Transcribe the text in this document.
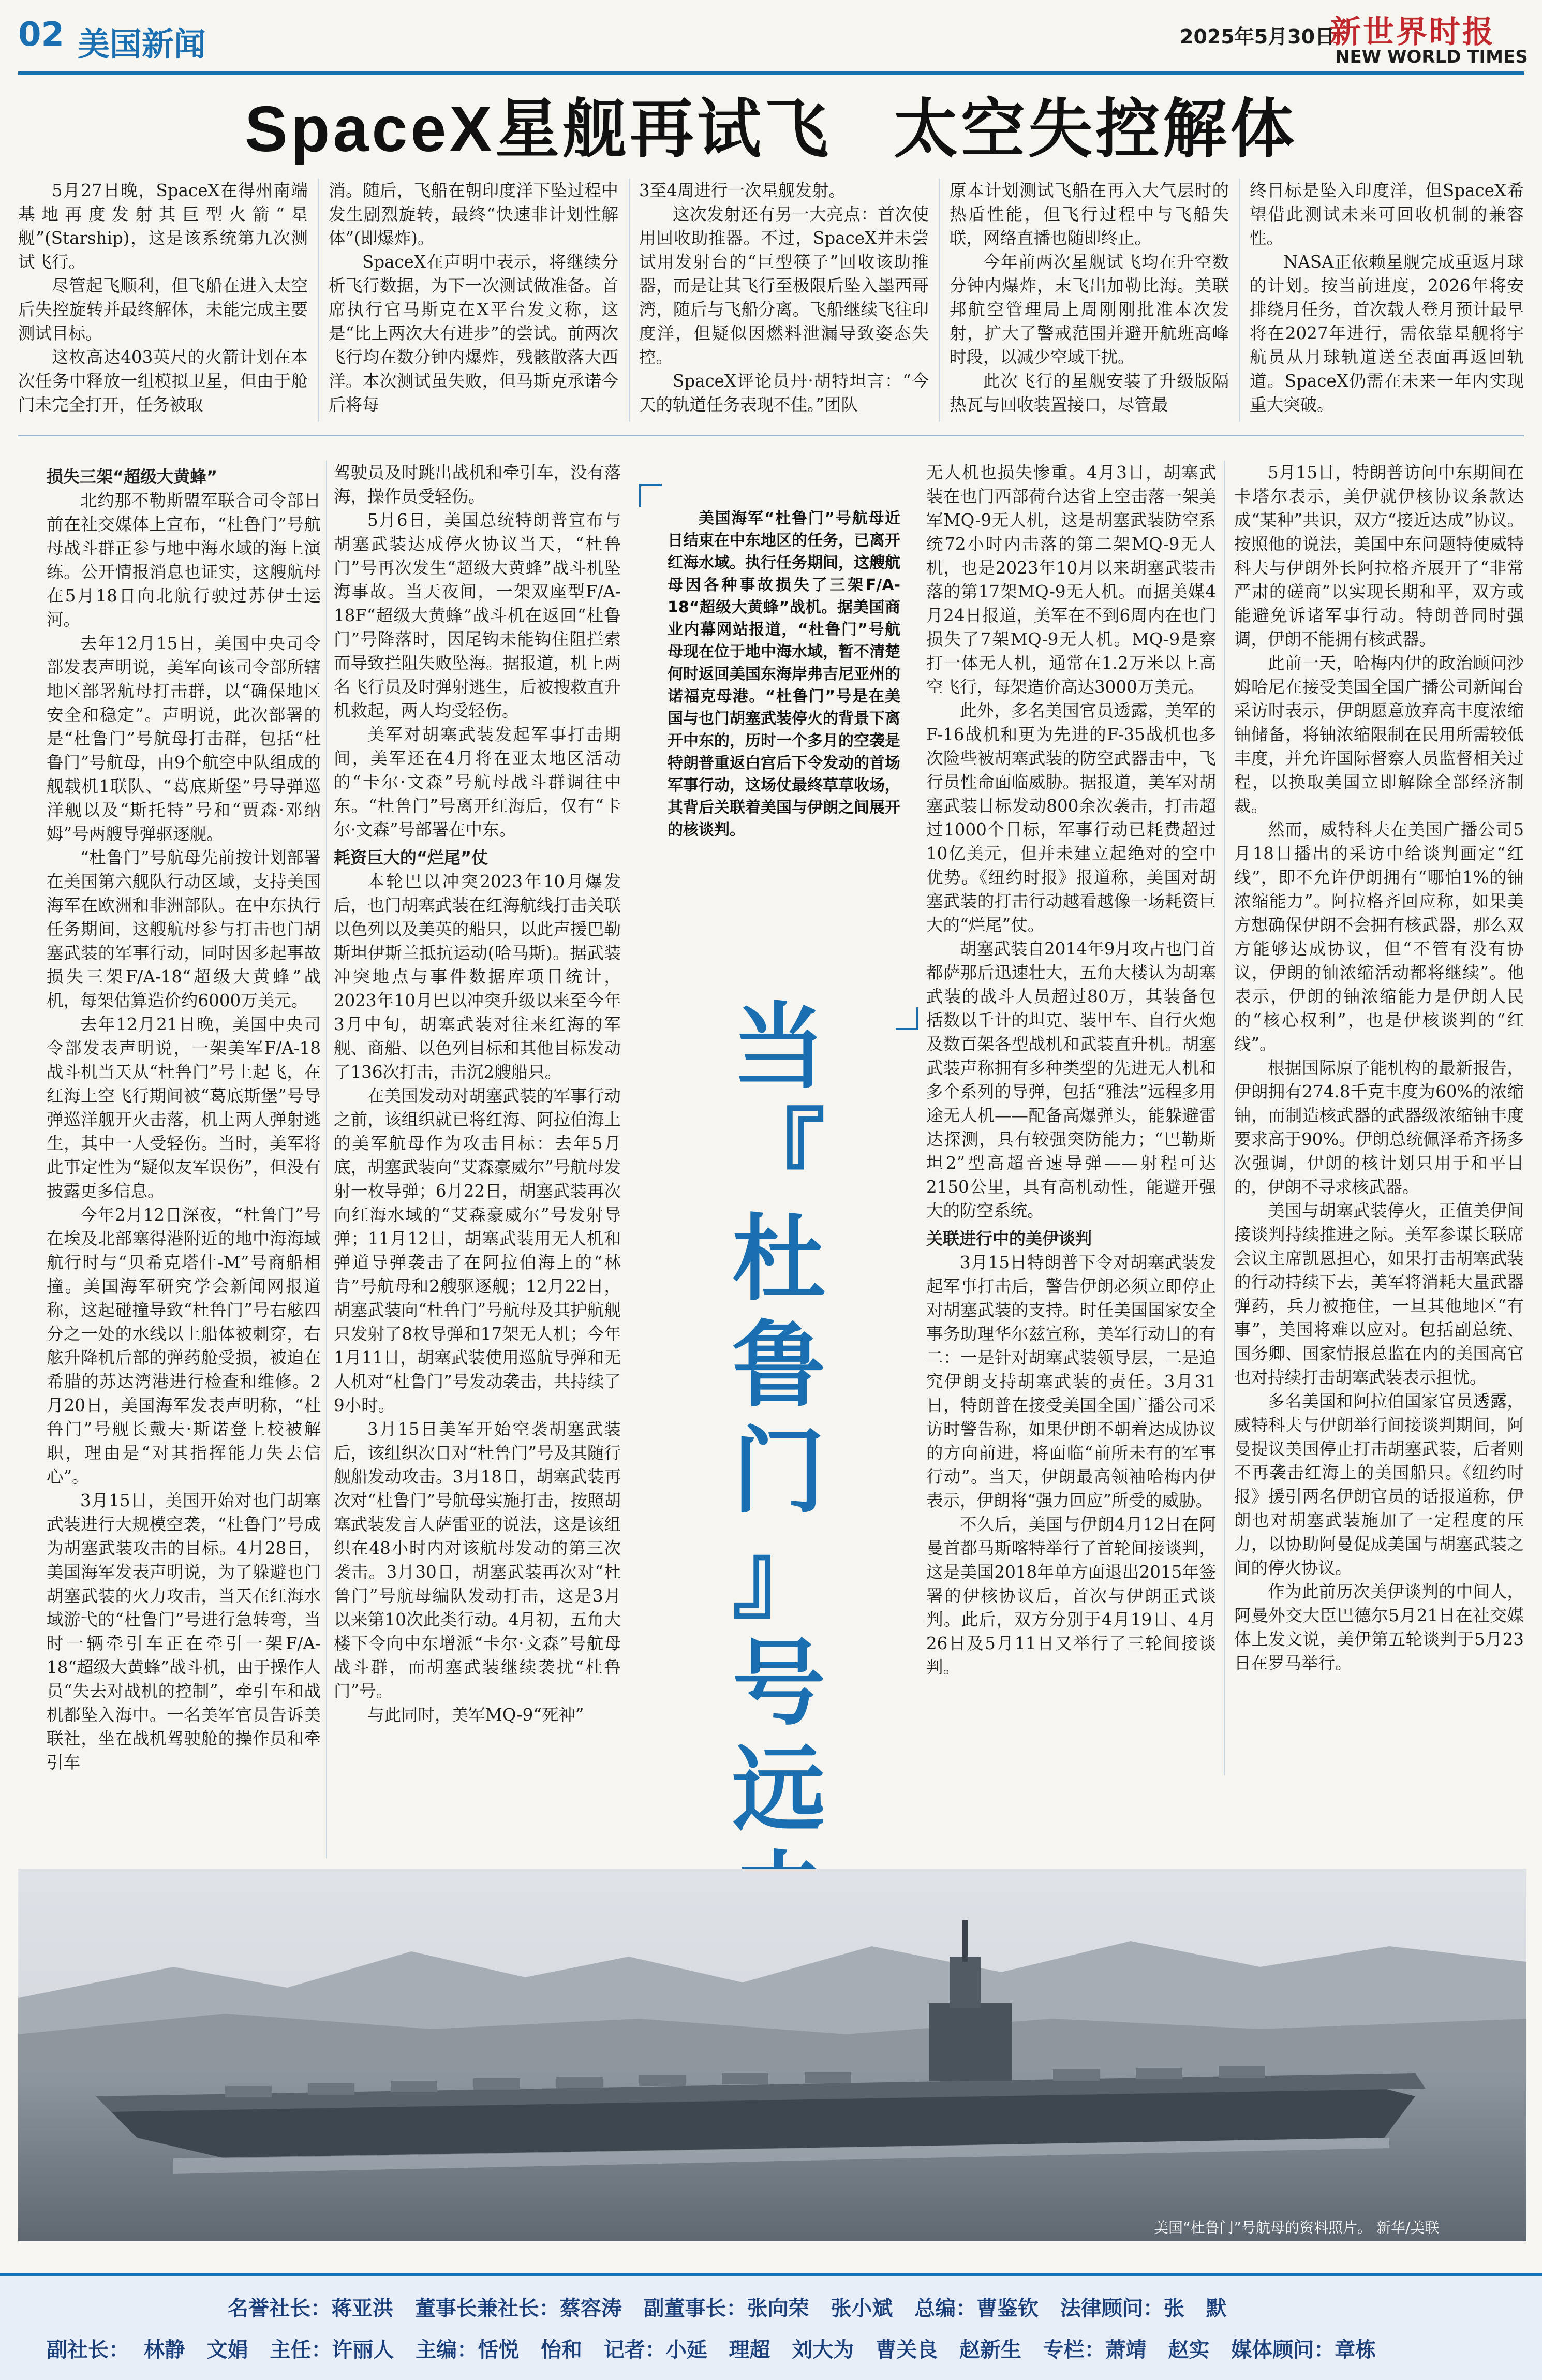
02 美国新闻	2025年5月30日
新世界时报
NEW WORLD TIMES
SpaceX星舰再试飞 太空失控解体

5月27日晚，SpaceX在得州南端基地再度发射其巨型火箭“星舰”(Starship)，这是该系统第九次测试飞行。

尽管起飞顺利，但飞船在进入太空后失控旋转并最终解体，未能完成主要测试目标。

这枚高达403英尺的火箭计划在本次任务中释放一组模拟卫星，但由于舱门未完全打开，任务被取

消。随后，飞船在朝印度洋下坠过程中发生剧烈旋转，最终“快速非计划性解体”(即爆炸)。

SpaceX在声明中表示，将继续分析飞行数据，为下一次测试做准备。首席执行官马斯克在X平台发文称，这是“比上两次大有进步”的尝试。前两次飞行均在数分钟内爆炸，残骸散落大西洋。本次测试虽失败，但马斯克承诺今后将每

3至4周进行一次星舰发射。

这次发射还有另一大亮点：首次使用回收助推器。不过，SpaceX并未尝试用发射台的“巨型筷子”回收该助推器，而是让其飞行至极限后坠入墨西哥湾，随后与飞船分离。飞船继续飞往印度洋，但疑似因燃料泄漏导致姿态失控。

SpaceX评论员丹·胡特坦言：“今天的轨道任务表现不佳。”团队

原本计划测试飞船在再入大气层时的热盾性能，但飞行过程中与飞船失联，网络直播也随即终止。

今年前两次星舰试飞均在升空数分钟内爆炸，末飞出加勒比海。美联邦航空管理局上周刚刚批准本次发射，扩大了警戒范围并避开航班高峰时段，以减少空域干扰。

此次飞行的星舰安装了升级版隔热瓦与回收装置接口，尽管最

终目标是坠入印度洋，但SpaceX希望借此测试未来可回收机制的兼容性。

NASA正依赖星舰完成重返月球的计划。按当前进度，2026年将安排绕月任务，首次载人登月预计最早将在2027年进行，需依靠星舰将宇航员从月球轨道送至表面再返回轨道。SpaceX仍需在未来一年内实现重大突破。

损失三架“超级大黄蜂”

北约那不勒斯盟军联合司令部日前在社交媒体上宣布，“杜鲁门”号航母战斗群正参与地中海水域的海上演练。公开情报消息也证实，这艘航母在5月18日向北航行驶过苏伊士运河。

去年12月15日，美国中央司令部发表声明说，美军向该司令部所辖地区部署航母打击群，以“确保地区安全和稳定”。声明说，此次部署的是“杜鲁门”号航母打击群，包括“杜鲁门”号航母，由9个航空中队组成的舰载机1联队、“葛底斯堡”号导弹巡洋舰以及“斯托特”号和“贾森·邓纳姆”号两艘导弹驱逐舰。

“杜鲁门”号航母先前按计划部署在美国第六舰队行动区域，支持美国海军在欧洲和非洲部队。在中东执行任务期间，这艘航母参与打击也门胡塞武装的军事行动，同时因多起事故损失三架F/A-18“超级大黄蜂”战机，每架估算造价约6000万美元。

去年12月21日晚，美国中央司令部发表声明说，一架美军F/A-18战斗机当天从“杜鲁门”号上起飞，在红海上空飞行期间被“葛底斯堡”号导弹巡洋舰开火击落，机上两人弹射逃生，其中一人受轻伤。当时，美军将此事定性为“疑似友军误伤”，但没有披露更多信息。

今年2月12日深夜，“杜鲁门”号在埃及北部塞得港附近的地中海海域航行时与“贝希克塔什-M”号商船相撞。美国海军研究学会新闻网报道称，这起碰撞导致“杜鲁门”号右舷四分之一处的水线以上船体被刺穿，右舷升降机后部的弹药舱受损，被迫在希腊的苏达湾港进行检查和维修。2月20日，美国海军发表声明称，“杜鲁门”号舰长戴夫·斯诺登上校被解职，理由是“对其指挥能力失去信心”。

3月15日，美国开始对也门胡塞武装进行大规模空袭，“杜鲁门”号成为胡塞武装攻击的目标。4月28日，美国海军发表声明说，为了躲避也门胡塞武装的火力攻击，当天在红海水域游弋的“杜鲁门”号进行急转弯，当时一辆牵引车正在牵引一架F/A-18“超级大黄蜂”战斗机，由于操作人员“失去对战机的控制”，牵引车和战机都坠入海中。一名美军官员告诉美联社，坐在战机驾驶舱的操作员和牵引车

驾驶员及时跳出战机和牵引车，没有落海，操作员受轻伤。

5月6日，美国总统特朗普宣布与胡塞武装达成停火协议当天，“杜鲁门”号再次发生“超级大黄蜂”战斗机坠海事故。当天夜间，一架双座型F/A-18F“超级大黄蜂”战斗机在返回“杜鲁门”号降落时，因尾钩未能钩住阻拦索而导致拦阻失败坠海。据报道，机上两名飞行员及时弹射逃生，后被搜救直升机救起，两人均受轻伤。

美军对胡塞武装发起军事打击期间，美军还在4月将在亚太地区活动的“卡尔·文森”号航母战斗群调往中东。“杜鲁门”号离开红海后，仅有“卡尔·文森”号部署在中东。

耗资巨大的“烂尾”仗

本轮巴以冲突2023年10月爆发后，也门胡塞武装在红海航线打击关联以色列以及美英的船只，以此声援巴勒斯坦伊斯兰抵抗运动(哈马斯)。据武装冲突地点与事件数据库项目统计，2023年10月巴以冲突升级以来至今年3月中旬，胡塞武装对往来红海的军舰、商船、以色列目标和其他目标发动了136次打击，击沉2艘船只。

在美国发动对胡塞武装的军事行动之前，该组织就已将红海、阿拉伯海上的美军航母作为攻击目标：去年5月底，胡塞武装向“艾森豪威尔”号航母发射一枚导弹；6月22日，胡塞武装再次向红海水域的“艾森豪威尔”号发射导弹；11月12日，胡塞武装用无人机和弹道导弹袭击了在阿拉伯海上的“林肯”号航母和2艘驱逐舰；12月22日，胡塞武装向“杜鲁门”号航母及其护航舰只发射了8枚导弹和17架无人机；今年1月11日，胡塞武装使用巡航导弹和无人机对“杜鲁门”号发动袭击，共持续了9小时。

3月15日美军开始空袭胡塞武装后，该组织次日对“杜鲁门”号及其随行舰船发动攻击。3月18日，胡塞武装再次对“杜鲁门”号航母实施打击，按照胡塞武装发言人萨雷亚的说法，这是该组织在48小时内对该航母发动的第三次袭击。3月30日，胡塞武装再次对“杜鲁门”号航母编队发动打击，这是3月以来第10次此类行动。4月初，五角大楼下令向中东增派“卡尔·文森”号航母战斗群，而胡塞武装继续袭扰“杜鲁门”号。

与此同时，美军MQ-9“死神”

美国海军“杜鲁门”号航母近日结束在中东地区的任务，已离开红海水域。执行任务期间，这艘航母因各种事故损失了三架F/A-18“超级大黄蜂”战机。据美国商业内幕网站报道，“杜鲁门”号航母现在位于地中海水域，暂不清楚何时返回美国东海岸弗吉尼亚州的诺福克母港。“杜鲁门”号是在美国与也门胡塞武装停火的背景下离开中东的，历时一个多月的空袭是特朗普重返白宫后下令发动的首场军事行动，这场仗最终草草收场，其背后关联着美国与伊朗之间展开的核谈判。

当
『
杜
鲁
门
』
号
远

无人机也损失惨重。4月3日，胡塞武装在也门西部荷台达省上空击落一架美军MQ-9无人机，这是胡塞武装防空系统72小时内击落的第二架MQ-9无人机，也是2023年10月以来胡塞武装击落的第17架MQ-9无人机。而据美媒4月24日报道，美军在不到6周内在也门损失了7架MQ-9无人机。MQ-9是察打一体无人机，通常在1.2万米以上高空飞行，每架造价高达3000万美元。

此外，多名美国官员透露，美军的F-16战机和更为先进的F-35战机也多次险些被胡塞武装的防空武器击中，飞行员性命面临威胁。据报道，美军对胡塞武装目标发动800余次袭击，打击超过1000个目标，军事行动已耗费超过10亿美元，但并未建立起绝对的空中优势。《纽约时报》报道称，美国对胡塞武装的打击行动越看越像一场耗资巨大的“烂尾”仗。

胡塞武装自2014年9月攻占也门首都萨那后迅速壮大，五角大楼认为胡塞武装的战斗人员超过80万，其装备包括数以千计的坦克、装甲车、自行火炮及数百架各型战机和武装直升机。胡塞武装声称拥有多种类型的先进无人机和多个系列的导弹，包括“雅法”远程多用途无人机——配备高爆弹头，能躲避雷达探测，具有较强突防能力；“巴勒斯坦2”型高超音速导弹——射程可达2150公里，具有高机动性，能避开强大的防空系统。

关联进行中的美伊谈判

3月15日特朗普下令对胡塞武装发起军事打击后，警告伊朗必须立即停止对胡塞武装的支持。时任美国国家安全事务助理华尔兹宣称，美军行动目的有二：一是针对胡塞武装领导层，二是追究伊朗支持胡塞武装的责任。3月31日，特朗普在接受美国全国广播公司采访时警告称，如果伊朗不朝着达成协议的方向前进，将面临“前所未有的军事行动”。当天，伊朗最高领袖哈梅内伊表示，伊朗将“强力回应”所受的威胁。

不久后，美国与伊朗4月12日在阿曼首都马斯喀特举行了首轮间接谈判，这是美国2018年单方面退出2015年签署的伊核协议后，首次与伊朗正式谈判。此后，双方分别于4月19日、4月26日及5月11日又举行了三轮间接谈判。

5月15日，特朗普访问中东期间在卡塔尔表示，美伊就伊核协议条款达成“某种”共识，双方“接近达成”协议。按照他的说法，美国中东问题特使威特科夫与伊朗外长阿拉格齐展开了“非常严肃的磋商”以实现长期和平，双方或能避免诉诸军事行动。特朗普同时强调，伊朗不能拥有核武器。

此前一天，哈梅内伊的政治顾问沙姆哈尼在接受美国全国广播公司新闻台采访时表示，伊朗愿意放弃高丰度浓缩铀储备，将铀浓缩限制在民用所需较低丰度，并允许国际督察人员监督相关过程，以换取美国立即解除全部经济制裁。

然而，威特科夫在美国广播公司5月18日播出的采访中给谈判画定“红线”，即不允许伊朗拥有“哪怕1%的铀浓缩能力”。阿拉格齐回应称，如果美方想确保伊朗不会拥有核武器，那么双方能够达成协议，但“不管有没有协议，伊朗的铀浓缩活动都将继续”。他表示，伊朗的铀浓缩能力是伊朗人民的“核心权利”，也是伊核谈判的“红线”。

根据国际原子能机构的最新报告，伊朗拥有274.8千克丰度为60%的浓缩铀，而制造核武器的武器级浓缩铀丰度要求高于90%。伊朗总统佩泽希齐扬多次强调，伊朗的核计划只用于和平目的，伊朗不寻求核武器。

美国与胡塞武装停火，正值美伊间接谈判持续推进之际。美军参谋长联席会议主席凯恩担心，如果打击胡塞武装的行动持续下去，美军将消耗大量武器弹药，兵力被拖住，一旦其他地区“有事”，美国将难以应对。包括副总统、国务卿、国家情报总监在内的美国高官也对持续打击胡塞武装表示担忧。

多名美国和阿拉伯国家官员透露，威特科夫与伊朗举行间接谈判期间，阿曼提议美国停止打击胡塞武装，后者则不再袭击红海上的美国船只。《纽约时报》援引两名伊朗官员的话报道称，伊朗也对胡塞武装施加了一定程度的压力，以协助阿曼促成美国与胡塞武装之间的停火协议。

作为此前历次美伊谈判的中间人，阿曼外交大臣巴德尔5月21日在社交媒体上发文说，美伊第五轮谈判于5月23日在罗马举行。

美国“杜鲁门”号航母的资料照片。 新华/美联
名誉社长：蒋亚洪   董事长兼社长：蔡容涛   副董事长：张向荣   张小斌   总编：曹鉴钦   法律顾问：张   默
副社长：  林静   文娟   主任：许丽人   主编：恬悦   怡和   记者：小延   理超   刘大为   曹关良   赵新生   专栏：萧靖   赵实   媒体顾问：章栋
